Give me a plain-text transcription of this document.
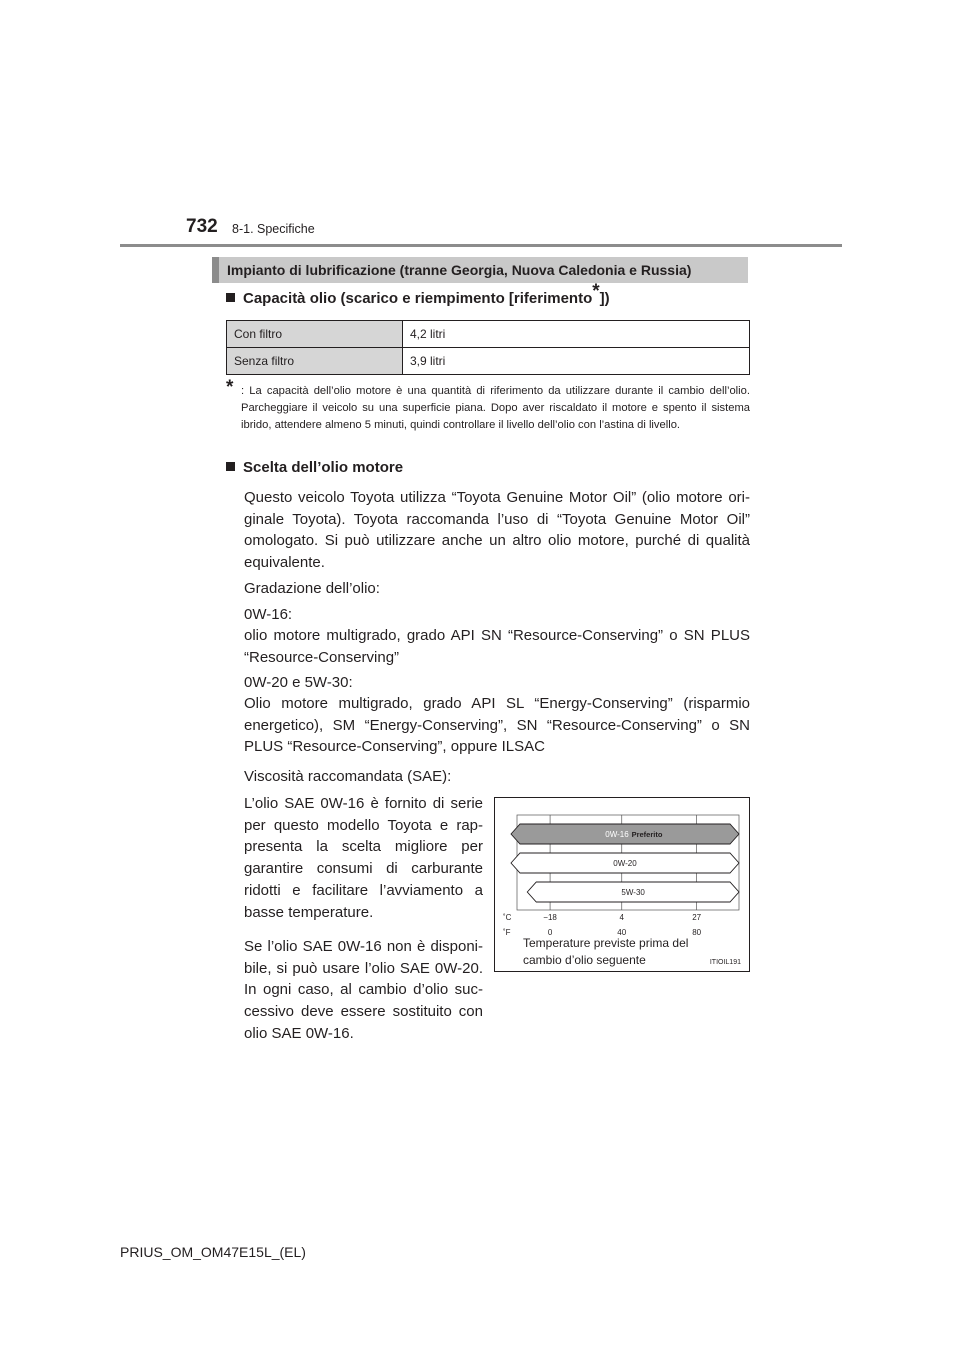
732 8-1. Specifiche
Impianto di lubrificazione (tranne Georgia, Nuova Caledonia e Russia)
Capacità olio (scarico e riempimento [riferimento*])
Con filtro	4,2 litri
Senza filtro	3,9 litri
* : La capacità dell’olio motore è una quantità di riferimento da utilizzare durante il cambio dell’olio. Parcheggiare il veicolo su una superficie piana. Dopo aver riscaldato il motore e spento il sistema ibrido, attendere almeno 5 minuti, quindi controllare il livello dell’olio con l’astina di livello.

Scelta dell’olio motore
Questo veicolo Toyota utilizza “Toyota Genuine Motor Oil” (olio motore originale Toyota). Toyota raccomanda l’uso di “Toyota Genuine Motor Oil” omologato. Si può utilizzare anche un altro olio motore, purché di qualità equivalente.
Gradazione dell’olio:
0W-16:
olio motore multigrado, grado API SN “Resource-Conserving” o SN PLUS “Resource-Conserving”
0W-20 e 5W-30:
Olio motore multigrado, grado API SL “Energy-Conserving” (risparmio energetico), SM “Energy-Conserving”, SN “Resource-Conserving” o SN PLUS “Resource-Conserving”, oppure ILSAC
Viscosità raccomandata (SAE):
L’olio SAE 0W-16 è fornito di serie per questo modello Toyota e rappresenta la scelta migliore per garantire consumi di carburante ridotti e facilitare l’avviamento a basse temperature.
Se l’olio SAE 0W-16 non è disponibile, si può usare l’olio SAE 0W-20. In ogni caso, al cambio d’olio successivo deve essere sostituito con olio SAE 0W-16.
0W-16 Preferito
0W-20
5W-30
˚C
˚F
−18
0
4
40
27
80
Temperature previste prima del
cambio d’olio seguente	ITIOIL191
PRIUS_OM_OM47E15L_(EL)
